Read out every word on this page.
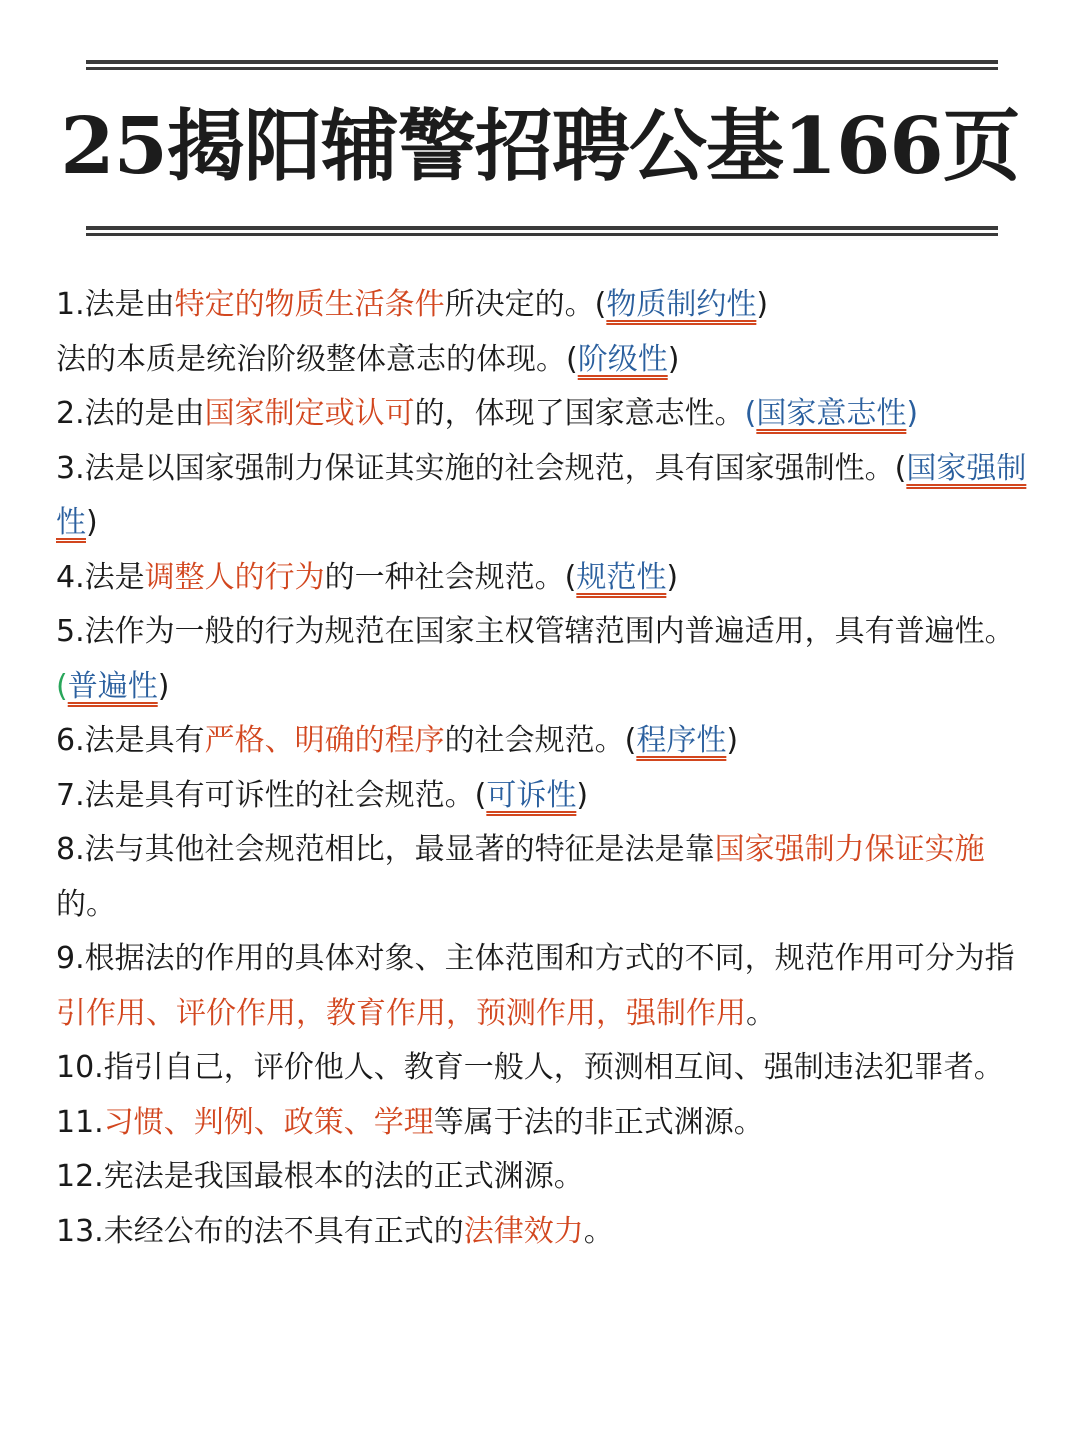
25揭阳辅警招聘公基166页

1.法是由特定的物质生活条件所决定的。(物质制约性)

法的本质是统治阶级整体意志的体现。(阶级性)

2.法的是由国家制定或认可的，体现了国家意志性。(国家意志性)

3.法是以国家强制力保证其实施的社会规范，具有国家强制性。(国家强制性)

4.法是调整人的行为的一种社会规范。(规范性)

5.法作为一般的行为规范在国家主权管辖范围内普遍适用，具有普遍性。(普遍性)

6.法是具有严格、明确的程序的社会规范。(程序性)

7.法是具有可诉性的社会规范。(可诉性)

8.法与其他社会规范相比，最显著的特征是法是靠国家强制力保证实施的。

9.根据法的作用的具体对象、主体范围和方式的不同，规范作用可分为指引作用、评价作用，教育作用，预测作用，强制作用。

10.指引自己，评价他人、教育一般人，预测相互间、强制违法犯罪者。

11.习惯、判例、政策、学理等属于法的非正式渊源。

12.宪法是我国最根本的法的正式渊源。

13.未经公布的法不具有正式的法律效力。
